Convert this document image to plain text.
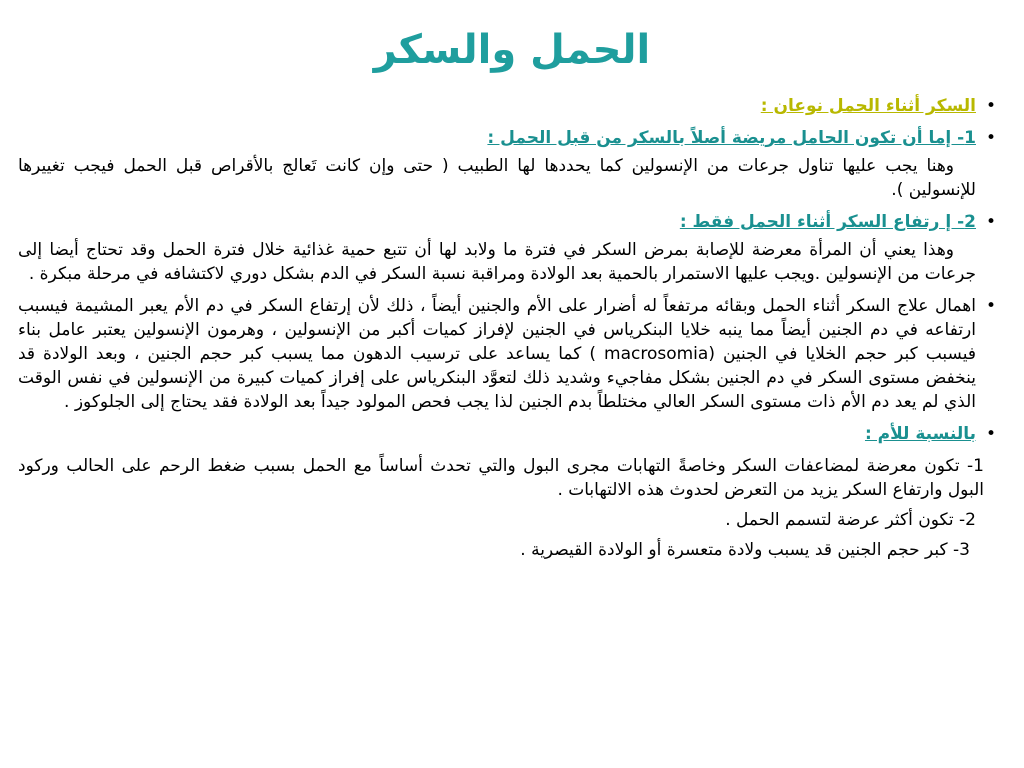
الحمل والسكر
•
السكر أثناء الحمل نوعان :
•
1- إما أن تكون الحامل مريضة أصلاً بالسكر من قبل الحمل :
وهنا يجب عليها تناول جرعات من الإنسولين كما يحددها لها الطبيب ( حتى وإن كانت تَعالج بالأقراص قبل الحمل فيجب تغييرها للإنسولين ).
•
2- إ رتفاع السكر أثناء الحمل فقط :
وهذا يعني أن المرأة معرضة للإصابة بمرض السكر في فترة ما ولابد لها أن تتبع حمية غذائية خلال فترة الحمل وقد تحتاج أيضا إلى جرعات من الإنسولين .ويجب عليها الاستمرار بالحمية بعد الولادة ومراقبة نسبة السكر في الدم بشكل دوري لاكتشافه في مرحلة مبكرة .
•
اهمال علاج السكر أثناء الحمل وبقائه مرتفعاً له أضرار على الأم والجنين أيضاً ، ذلك لأن إرتفاع السكر في دم الأم يعبر المشيمة فيسبب ارتفاعه في دم الجنين أيضاً مما ينبه خلايا البنكرياس في الجنين لإفراز كميات أكبر من الإنسولين ، وهرمون الإنسولين يعتبر عامل بناء فيسبب كبر حجم الخلايا في الجنين (macrosomia ) كما يساعد على ترسيب الدهون مما يسبب كبر حجم الجنين ، وبعد الولادة قد ينخفض مستوى السكر في دم الجنين بشكل مفاجيء وشديد ذلك لتعوَّد البنكرياس على إفراز كميات كبيرة من الإنسولين في نفس الوقت الذي لم يعد دم الأم ذات مستوى السكر العالي مختلطاً بدم الجنين لذا يجب فحص المولود جيداً بعد الولادة فقد يحتاج إلى الجلوكوز .
•
بالنسبة للأم :
1- تكون معرضة لمضاعفات السكر وخاصةً التهابات مجرى البول والتي تحدث أساساً مع الحمل بسبب ضغط الرحم على الحالب وركود البول وارتفاع السكر يزيد من التعرض لحدوث هذه الالتهابات .
2- تكون أكثر عرضة لتسمم الحمل .
3- كبر حجم الجنين قد يسبب ولادة متعسرة أو الولادة القيصرية .
